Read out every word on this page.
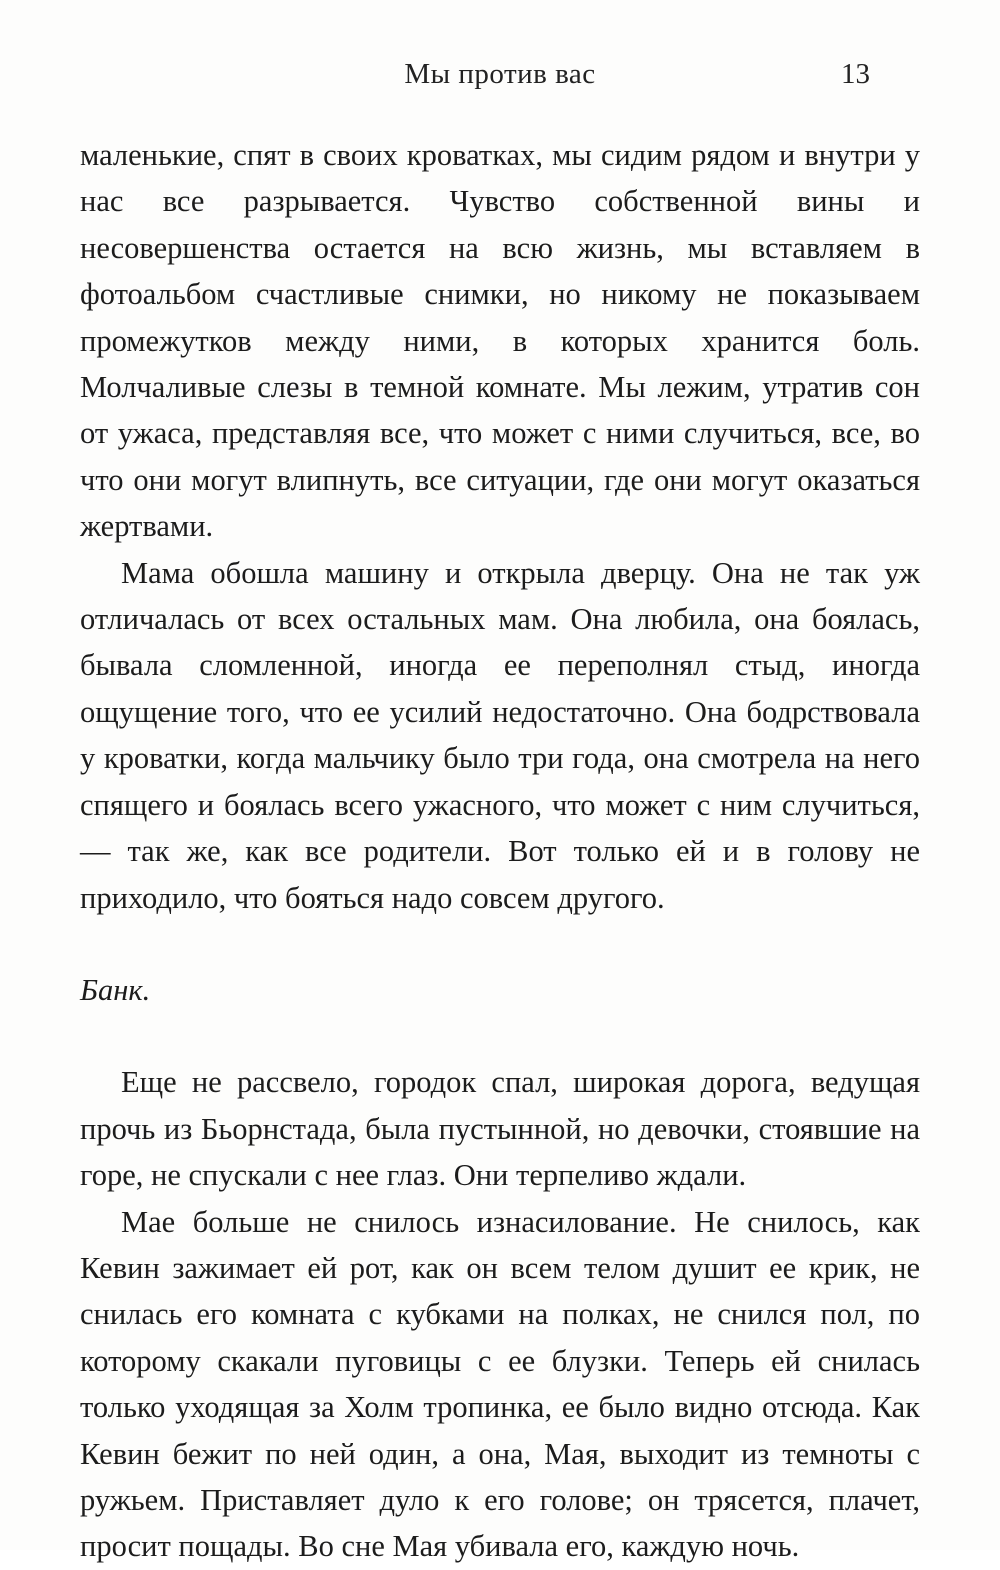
Мы против вас	13

маленькие, спят в своих кроватках, мы сидим рядом и внутри у нас все разрывается. Чувство собственной вины и несовершенства остается на всю жизнь, мы вставляем в фотоальбом счастливые снимки, но никому не показываем промежутков между ними, в которых хранится боль. Молчаливые слезы в темной комнате. Мы лежим, утратив сон от ужаса, представляя все, что может с ними случиться, все, во что они могут влипнуть, все ситуации, где они могут оказаться жертвами.

Мама обошла машину и открыла дверцу. Она не так уж отличалась от всех остальных мам. Она любила, она боялась, бывала сломленной, иногда ее переполнял стыд, иногда ощущение того, что ее усилий недостаточно. Она бодрствовала у кроватки, когда мальчику было три года, она смотрела на него спящего и боялась всего ужасного, что может с ним случиться, — так же, как все родители. Вот только ей и в голову не приходило, что бояться надо совсем другого.

Банк.

Еще не рассвело, городок спал, широкая дорога, ведущая прочь из Бьорнстада, была пустынной, но девочки, стоявшие на горе, не спускали с нее глаз. Они терпеливо ждали.

Мае больше не снилось изнасилование. Не снилось, как Кевин зажимает ей рот, как он всем телом душит ее крик, не снилась его комната с кубками на полках, не снился пол, по которому скакали пуговицы с ее блузки. Теперь ей снилась только уходящая за Холм тропинка, ее было видно отсюда. Как Кевин бежит по ней один, а она, Мая, выходит из темноты с ружьем. Приставляет дуло к его голове; он трясется, плачет, просит пощады. Во сне Мая убивала его, каждую ночь.
